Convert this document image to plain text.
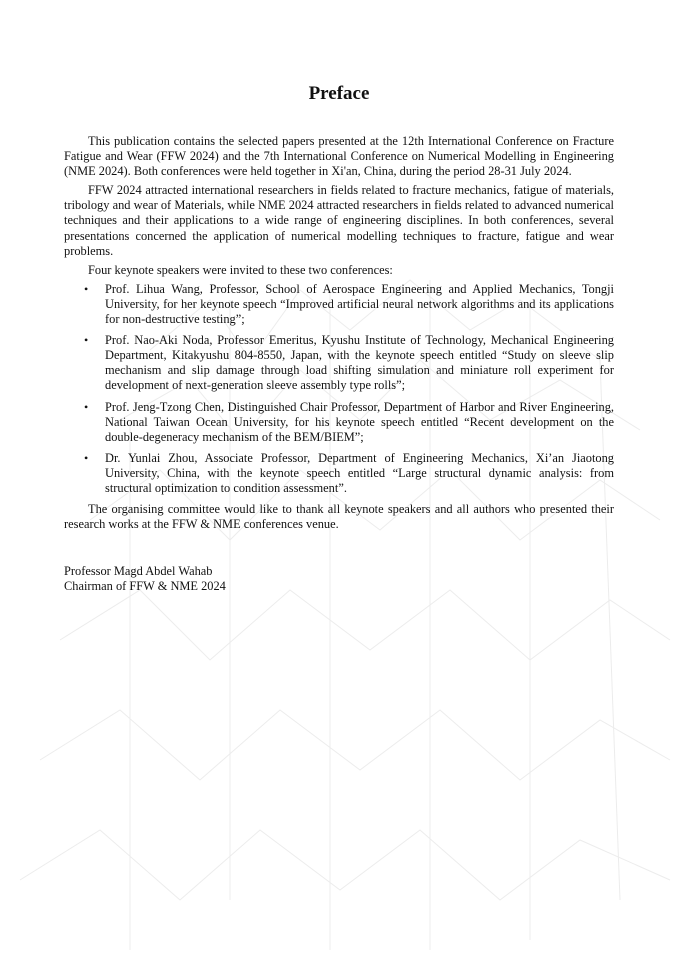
Preface

This publication contains the selected papers presented at the 12th International Conference on Fracture Fatigue and Wear (FFW 2024) and the 7th International Conference on Numerical Modelling in Engineering (NME 2024). Both conferences were held together in Xi'an, China, during the period 28-31 July 2024.

FFW 2024 attracted international researchers in fields related to fracture mechanics, fatigue of materials, tribology and wear of Materials, while NME 2024 attracted researchers in fields related to advanced numerical techniques and their applications to a wide range of engineering disciplines. In both conferences, several presentations concerned the application of numerical modelling techniques to fracture, fatigue and wear problems.

Four keynote speakers were invited to these two conferences:

•	Prof. Lihua Wang, Professor, School of Aerospace Engineering and Applied Mechanics, Tongji University, for her keynote speech “Improved artificial neural network algorithms and its applications for non-destructive testing”;
•	Prof. Nao-Aki Noda, Professor Emeritus, Kyushu Institute of Technology, Mechanical Engineering Department, Kitakyushu 804-8550, Japan, with the keynote speech entitled “Study on sleeve slip mechanism and slip damage through load shifting simulation and miniature roll experiment for development of next-generation sleeve assembly type rolls”;
•	Prof. Jeng-Tzong Chen, Distinguished Chair Professor, Department of Harbor and River Engineering, National Taiwan Ocean University, for his keynote speech entitled “Recent development on the double-degeneracy mechanism of the BEM/BIEM”;
•	Dr. Yunlai Zhou, Associate Professor, Department of Engineering Mechanics, Xi’an Jiaotong University, China, with the keynote speech entitled “Large structural dynamic analysis: from structural optimization to condition assessment”.

The organising committee would like to thank all keynote speakers and all authors who presented their research works at the FFW & NME conferences venue.

Professor Magd Abdel Wahab
Chairman of FFW & NME 2024
